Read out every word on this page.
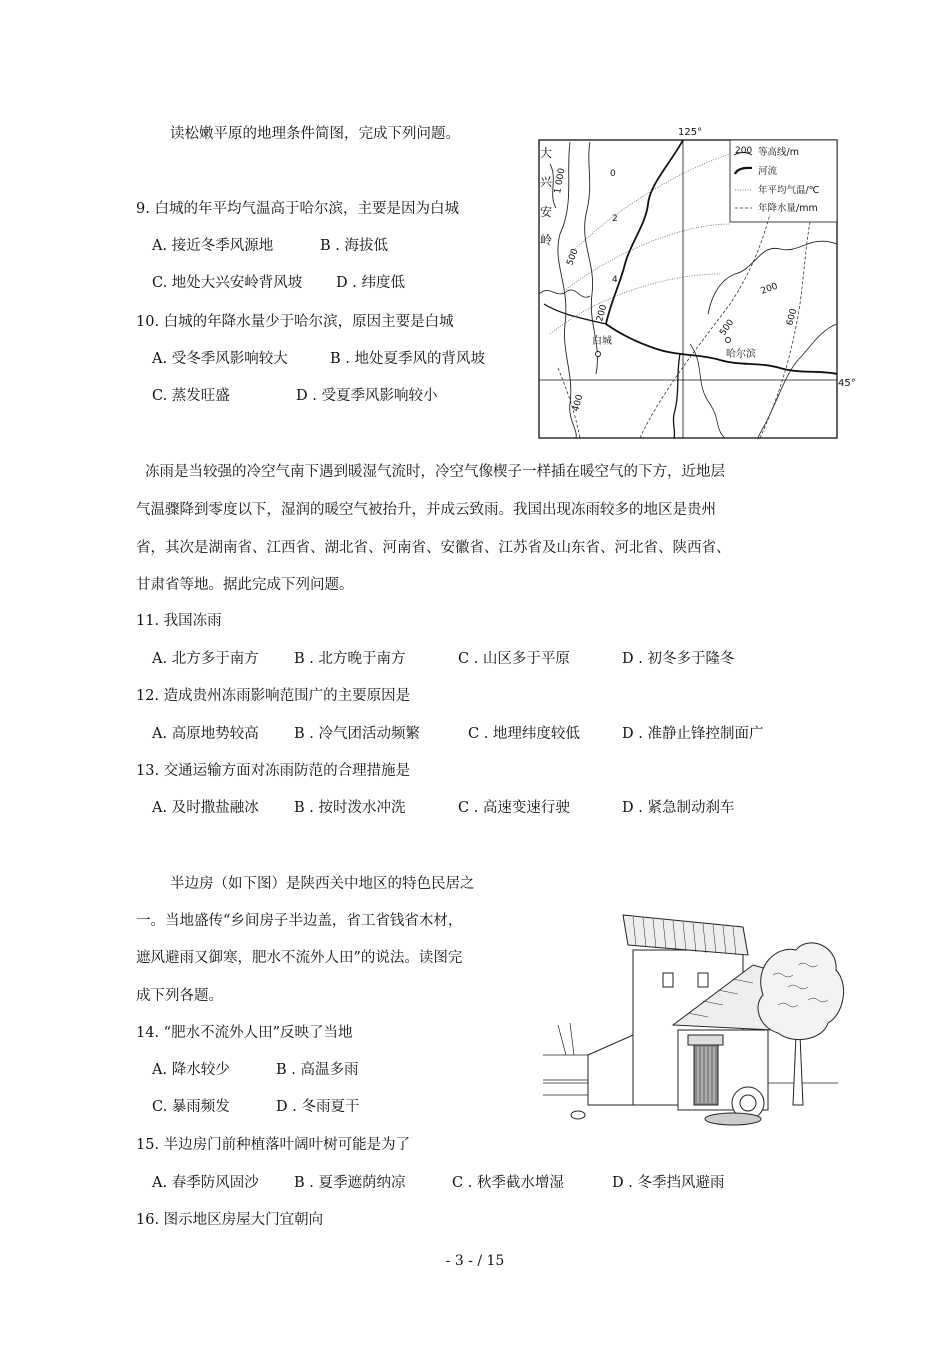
读松嫩平原的地理条件简图，完成下列问题。
9. 白城的年平均气温高于哈尔滨，主要是因为白城
A. 接近冬季风源地	B . 海拔低
C. 地处大兴安岭背风坡 D . 纬度低
10. 白城的年降水量少于哈尔滨，原因主要是白城
A. 受冬季风影响较大	B . 地处夏季风的背风坡
C. 蒸发旺盛	D . 受夏季风影响较小
125°
45°
200 等高线/m
河流
年平均气温/℃
年降水量/mm
大
兴
安
岭
1 000	0
2
500
4
200
200
500
600
400
白城
哈尔滨
冻雨是当较强的冷空气南下遇到暖湿气流时，冷空气像楔子一样插在暖空气的下方，近地层
气温骤降到零度以下，湿润的暖空气被抬升，并成云致雨。我国出现冻雨较多的地区是贵州
省，其次是湖南省、江西省、湖北省、河南省、安徽省、江苏省及山东省、河北省、陕西省、
甘肃省等地。据此完成下列问题。
11. 我国冻雨
A. 北方多于南方 B . 北方晚于南方	C . 山区多于平原	D . 初冬多于隆冬
12. 造成贵州冻雨影响范围广的主要原因是
A. 高原地势较高 B . 冷气团活动频繁	C . 地理纬度较低	D . 准静止锋控制面广
13. 交通运输方面对冻雨防范的合理措施是
A. 及时撒盐融冰 B . 按时泼水冲洗	C . 高速变速行驶	D . 紧急制动刹车
半边房（如下图）是陕西关中地区的特色民居之
一。当地盛传“乡间房子半边盖，省工省钱省木材，
遮风避雨又御寒，肥水不流外人田”的说法。读图完
成下列各题。
14. “肥水不流外人田”反映了当地
A. 降水较少	B . 高温多雨
C. 暴雨频发	D . 冬雨夏干
15. 半边房门前种植落叶阔叶树可能是为了
A. 春季防风固沙 B . 夏季遮荫纳凉	C . 秋季截水增湿	D . 冬季挡风避雨
16. 图示地区房屋大门宜朝向
- 3 - / 15
